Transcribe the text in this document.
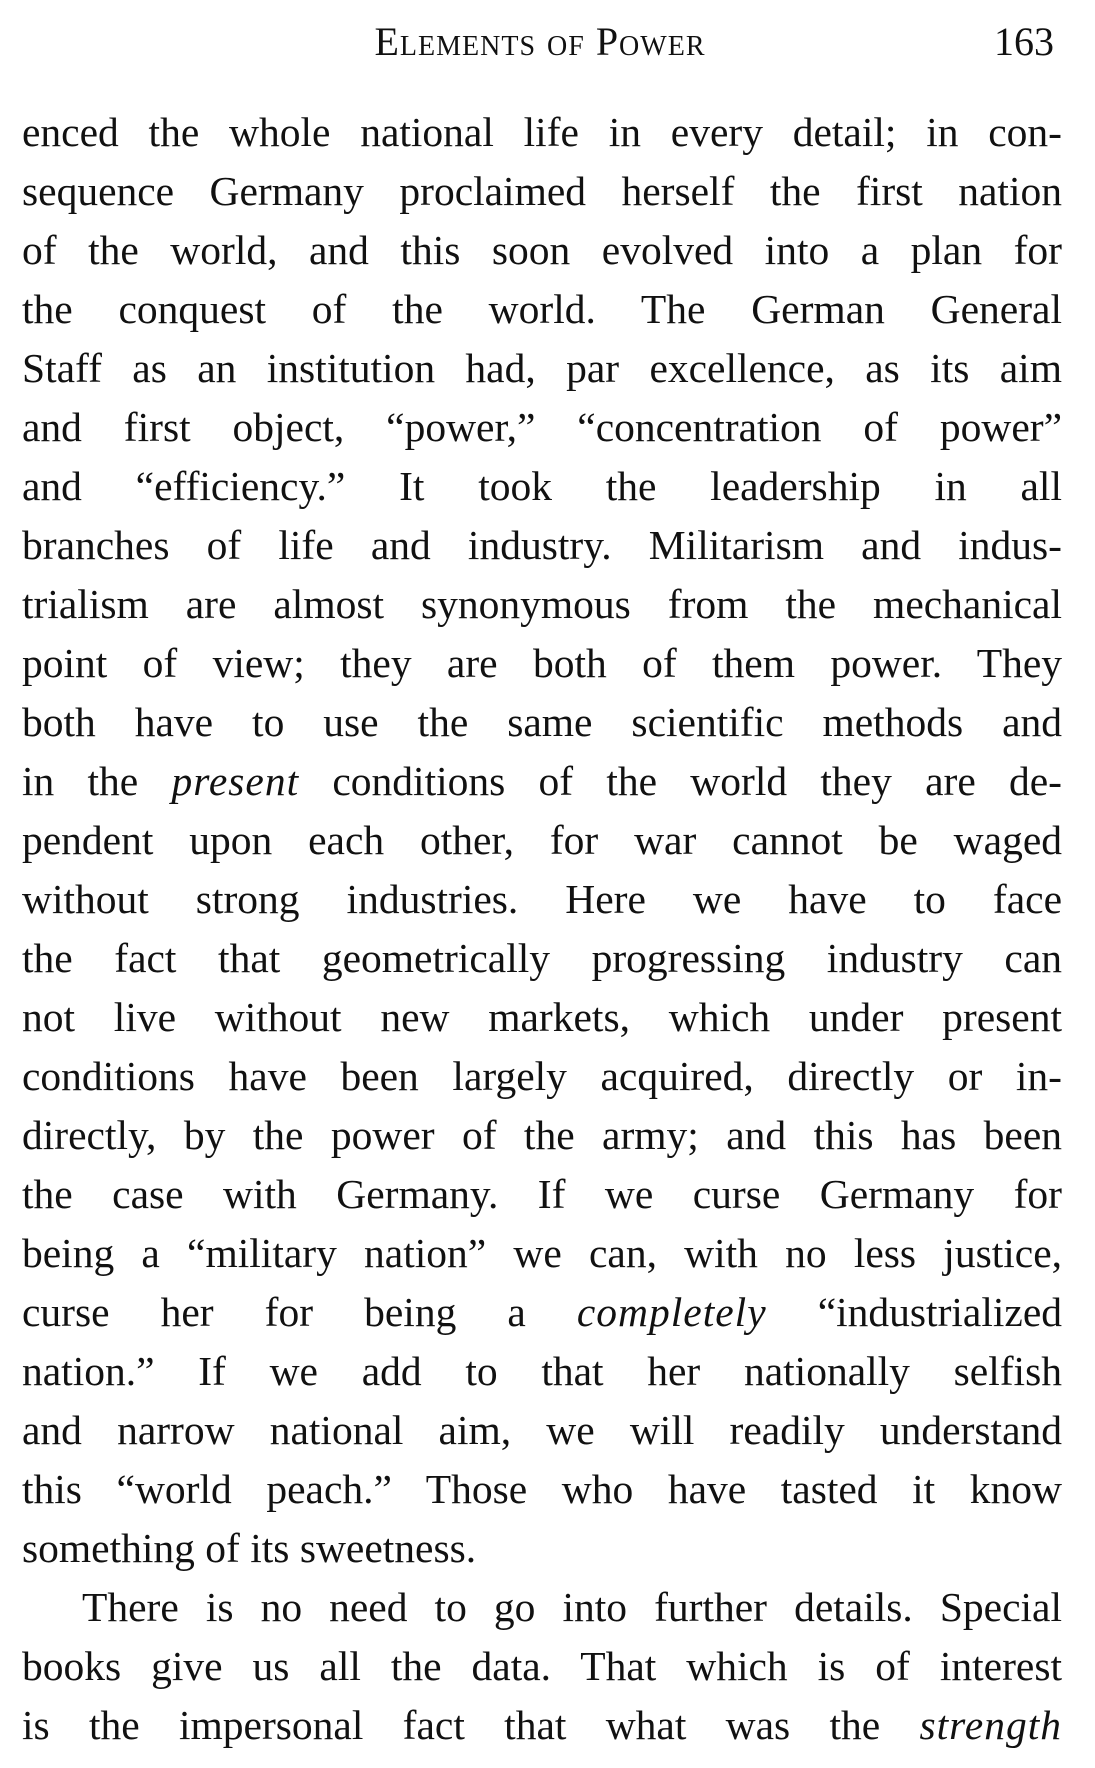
Elements of Power	163
enced the whole national life in every detail; in con-
sequence Germany proclaimed herself the first nation
of the world, and this soon evolved into a plan for
the conquest of the world. The German General
Staff as an institution had, par excellence, as its aim
and first object, “power,” “concentration of power”
and “efficiency.” It took the leadership in all
branches of life and industry. Militarism and indus-
trialism are almost synonymous from the mechanical
point of view; they are both of them power. They
both have to use the same scientific methods and
in the present conditions of the world they are de-
pendent upon each other, for war cannot be waged
without strong industries. Here we have to face
the fact that geometrically progressing industry can
not live without new markets, which under present
conditions have been largely acquired, directly or in-
directly, by the power of the army; and this has been
the case with Germany. If we curse Germany for
being a “military nation” we can, with no less justice,
curse her for being a completely “industrialized
nation.” If we add to that her nationally selfish
and narrow national aim, we will readily understand
this “world peach.” Those who have tasted it know
something of its sweetness.
There is no need to go into further details. Special
books give us all the data. That which is of interest
is the impersonal fact that what was the strength
